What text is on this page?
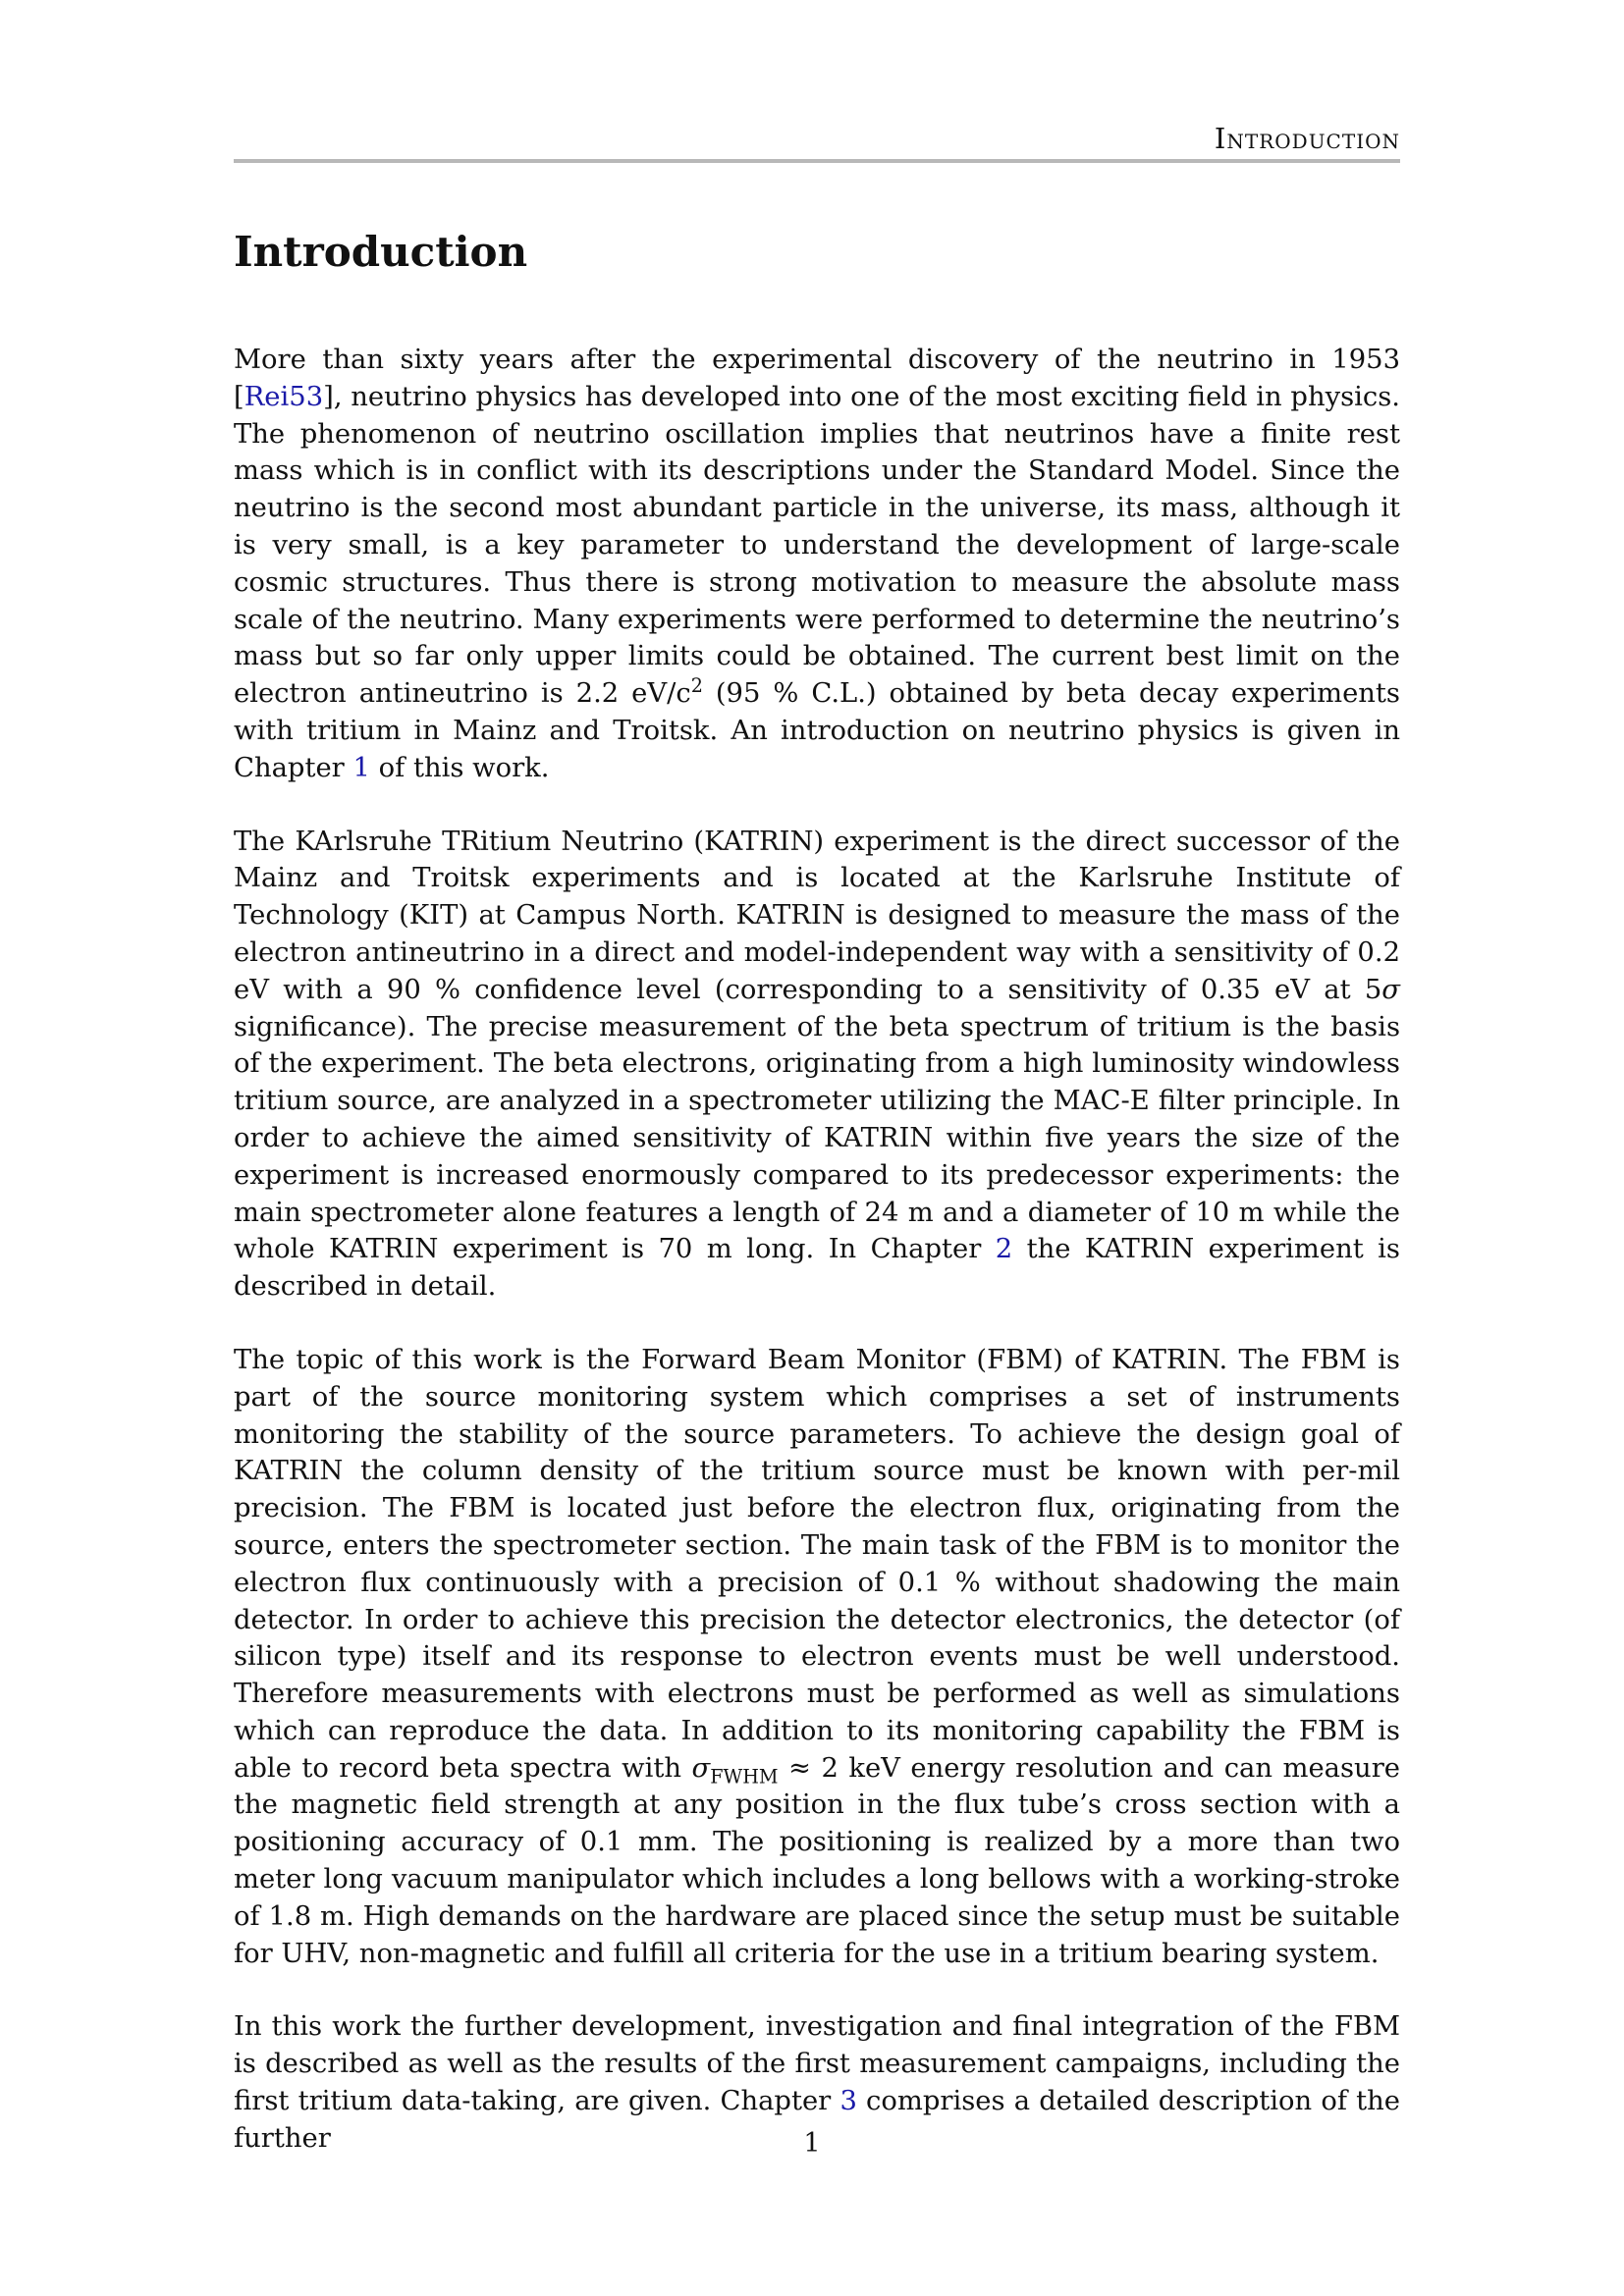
Introduction
Introduction

More than sixty years after the experimental discovery of the neutrino in 1953 [Rei53], neutrino physics has developed into one of the most exciting field in physics. The phenomenon of neutrino oscillation implies that neutrinos have a finite rest mass which is in conflict with its descriptions under the Standard Model. Since the neutrino is the second most abundant particle in the universe, its mass, although it is very small, is a key parameter to understand the development of large-scale cosmic structures. Thus there is strong motivation to measure the absolute mass scale of the neutrino. Many experiments were performed to determine the neutrino’s mass but so far only upper limits could be obtained. The current best limit on the electron antineutrino is 2.2 $eV/c^2$ (95 % C.L.) obtained by beta decay experiments with tritium in Mainz and Troitsk. An introduction on neutrino physics is given in Chapter 1 of this work.

The KArlsruhe TRitium Neutrino (KATRIN) experiment is the direct successor of the Mainz and Troitsk experiments and is located at the Karlsruhe Institute of Technology (KIT) at Campus North. KATRIN is designed to measure the mass of the electron antineutrino in a direct and model-independent way with a sensitivity of 0.2 eV with a 90 % confidence level (corresponding to a sensitivity of 0.35 eV at 5σ significance). The precise measurement of the beta spectrum of tritium is the basis of the experiment. The beta electrons, originating from a high luminosity windowless tritium source, are analyzed in a spectrometer utilizing the MAC-E filter principle. In order to achieve the aimed sensitivity of KATRIN within five years the size of the experiment is increased enormously compared to its predecessor experiments: the main spectrometer alone features a length of 24 m and a diameter of 10 m while the whole KATRIN experiment is 70 m long. In Chapter 2 the KATRIN experiment is described in detail.

The topic of this work is the Forward Beam Monitor (FBM) of KATRIN. The FBM is part of the source monitoring system which comprises a set of instruments monitoring the stability of the source parameters. To achieve the design goal of KATRIN the column density of the tritium source must be known with per-mil precision. The FBM is located just before the electron flux, originating from the source, enters the spectrometer section. The main task of the FBM is to monitor the electron flux continuously with a precision of 0.1 % without shadowing the main detector. In order to achieve this precision the detector electronics, the detector (of silicon type) itself and its response to electron events must be well understood. Therefore measurements with electrons must be performed as well as simulations which can reproduce the data. In addition to its monitoring capability the FBM is able to record beta spectra with $\sigma_{FWHM} \approx 2$ keV energy resolution and can measure the magnetic field strength at any position in the flux tube’s cross section with a positioning accuracy of 0.1 mm. The positioning is realized by a more than two meter long vacuum manipulator which includes a long bellows with a working-stroke of 1.8 m. High demands on the hardware are placed since the setup must be suitable for UHV, non-magnetic and fulfill all criteria for the use in a tritium bearing system.

In this work the further development, investigation and final integration of the FBM is described as well as the results of the first measurement campaigns, including the first tritium data-taking, are given. Chapter 3 comprises a detailed description of the further	1
